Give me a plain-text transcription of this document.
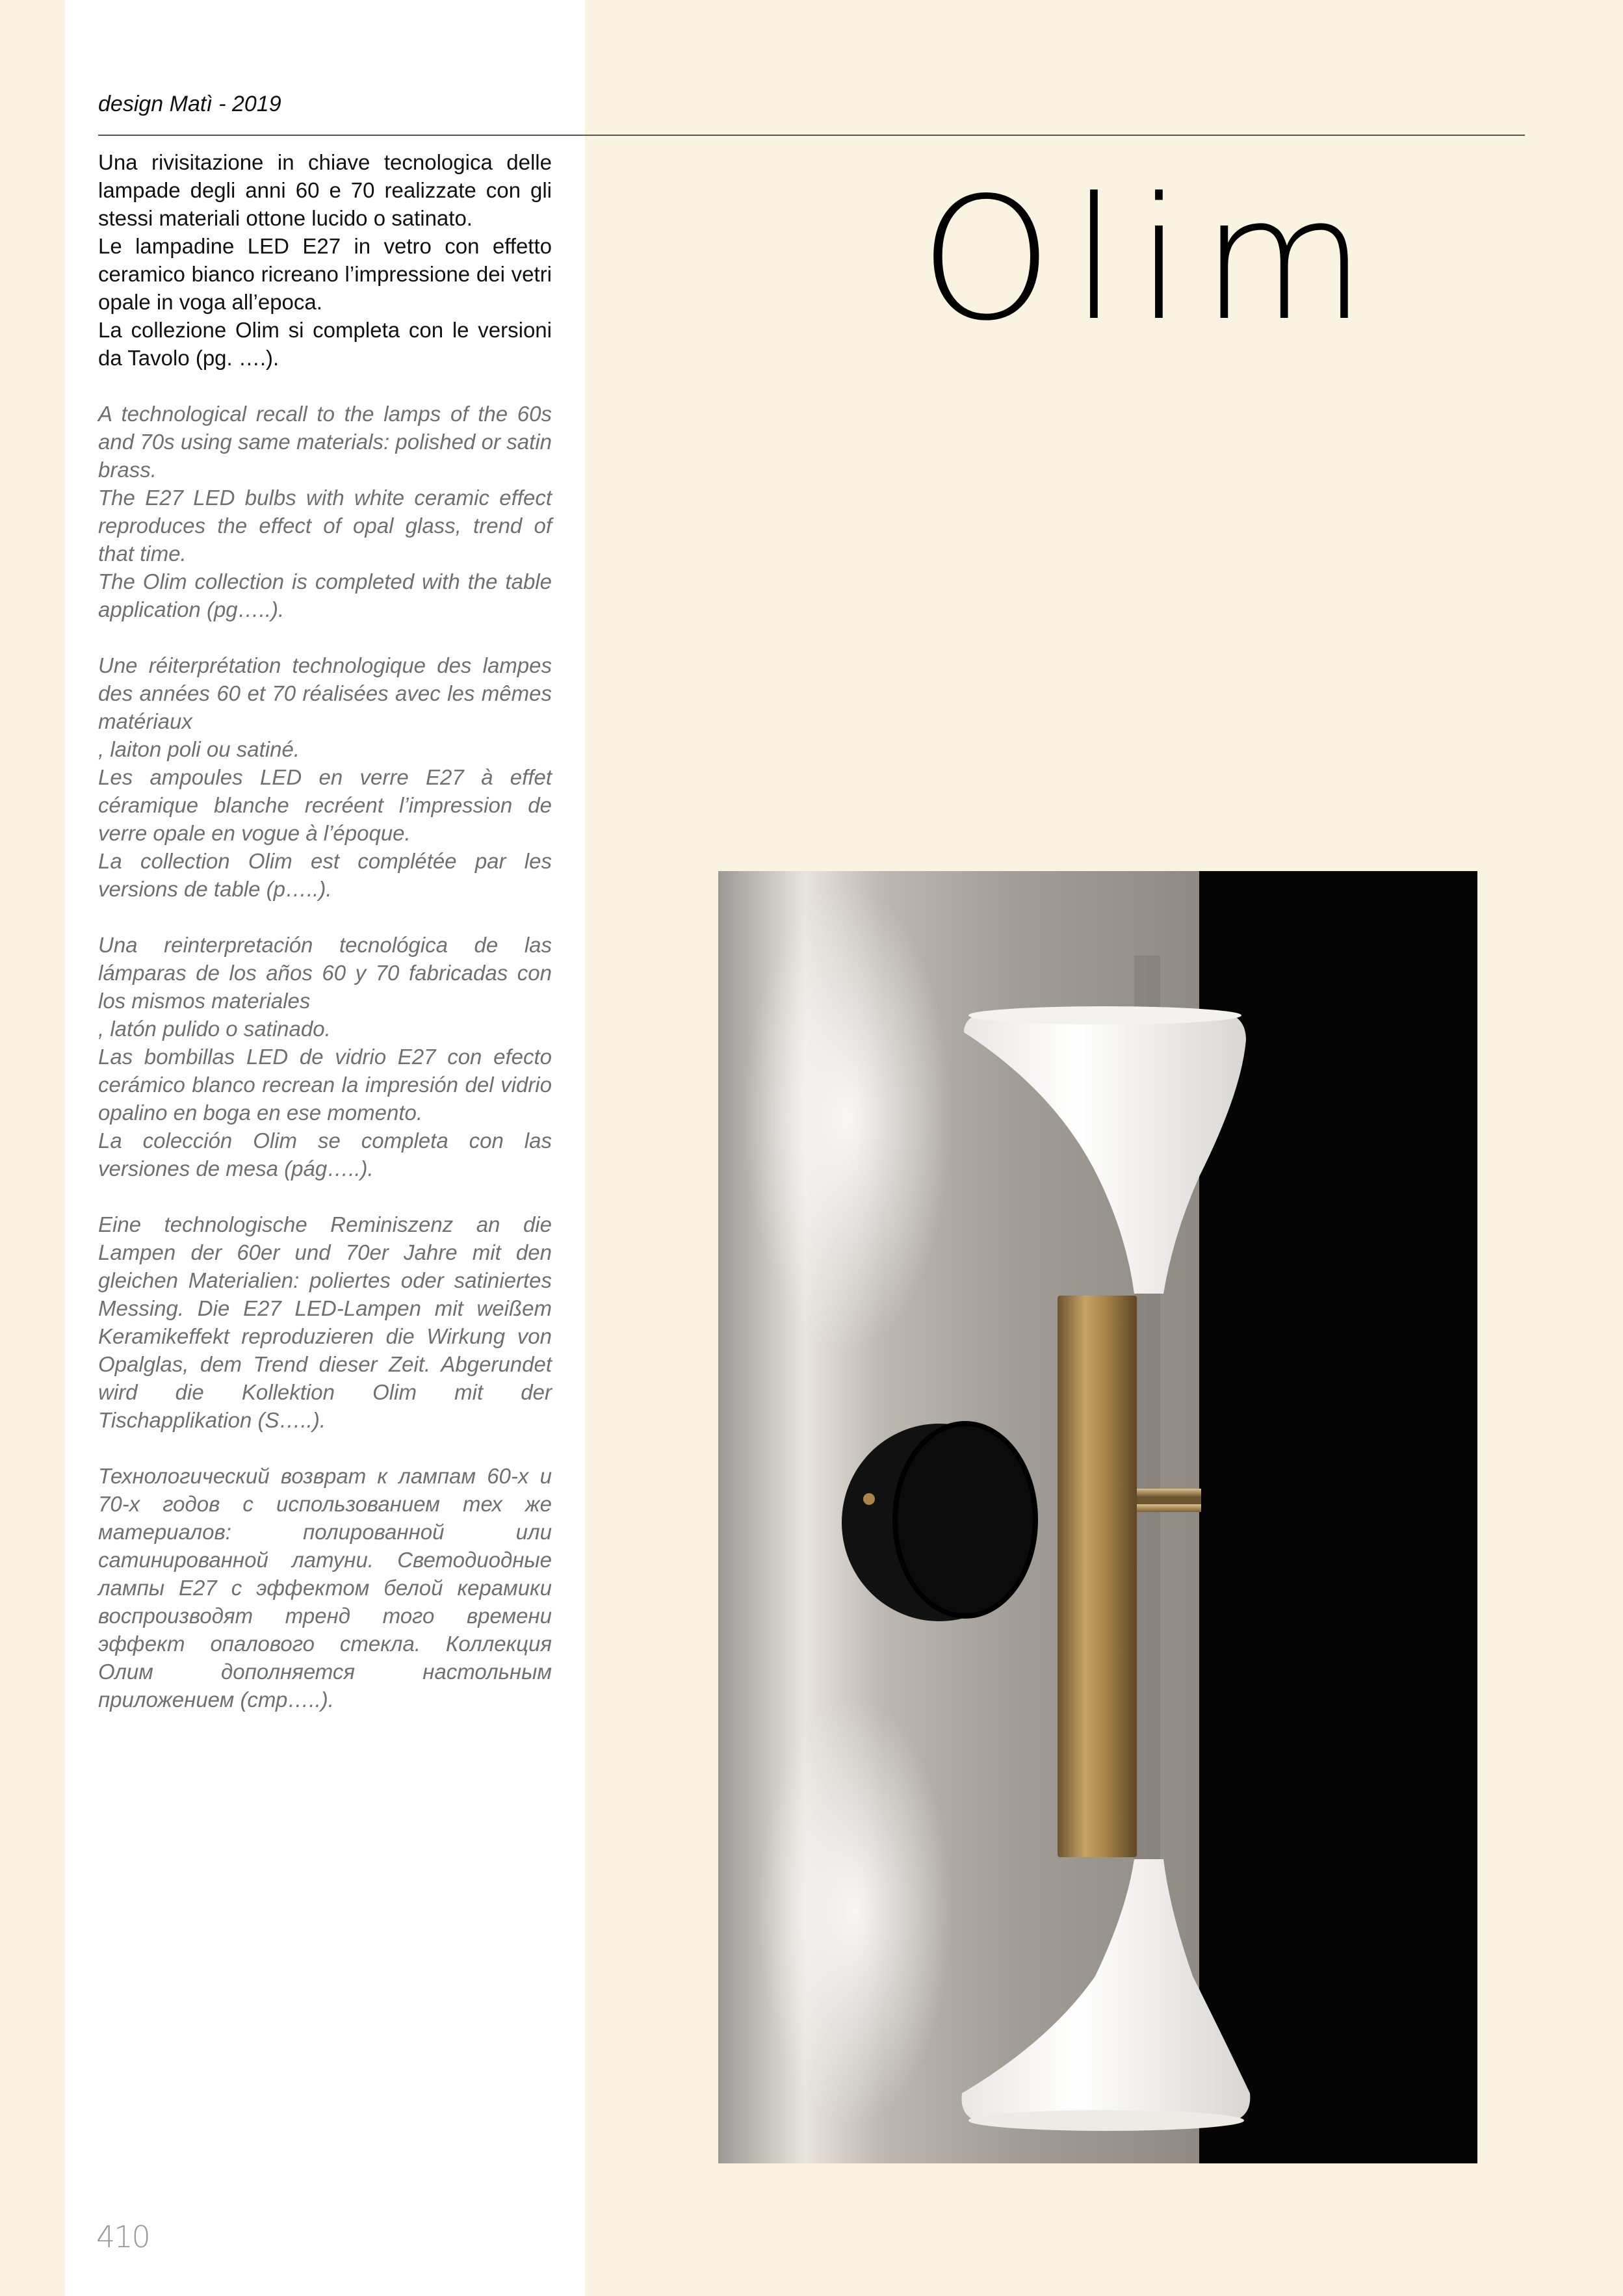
design Matì - 2019

Una rivisitazione in chiave tecnologica delle lampade degli anni 60 e 70 realizzate con gli stessi materiali ottone lucido o satinato.
Le lampadine LED E27 in vetro con effetto ceramico bianco ricreano l’impressione dei vetri opale in voga all’epoca.
La collezione Olim si completa con le versioni da Tavolo (pg. ….).

A technological recall to the lamps of the 60s and 70s using same materials: polished or satin brass.
The E27 LED bulbs with white ceramic effect reproduces the effect of opal glass, trend of that time.
The Olim collection is completed with the table application (pg…..).

Une réiterprétation technologique des lampes des années 60 et 70 réalisées avec les mêmes matériaux
, laiton poli ou satiné.
Les ampoules LED en verre E27 à effet céramique blanche recréent l’impression de verre opale en vogue à l’époque.
La collection Olim est complétée par les versions de table (p…..).

Una reinterpretación tecnológica de las lámparas de los años 60 y 70 fabricadas con los mismos materiales
, latón pulido o satinado.
Las bombillas LED de vidrio E27 con efecto cerámico blanco recrean la impresión del vidrio opalino en boga en ese momento.
La colección Olim se completa con las versiones de mesa (pág…..).

Eine technologische Reminiszenz an die Lampen der 60er und 70er Jahre mit den gleichen Materialien: poliertes oder satiniertes Messing. Die E27 LED-Lampen mit weißem Keramikeffekt reproduzieren die Wirkung von Opalglas, dem Trend dieser Zeit. Abgerundet wird die Kollektion Olim mit der Tischapplikation (S…..).

Технологический возврат к лампам 60-х и 70-х годов с использованием тех же материалов: полированной или сатинированной латуни. Светодиодные лампы E27 с эффектом белой керамики воспроизводят тренд того времени эффект опалового стекла. Коллекция Олим дополняется настольным приложением (стр…..).

Olim
410
